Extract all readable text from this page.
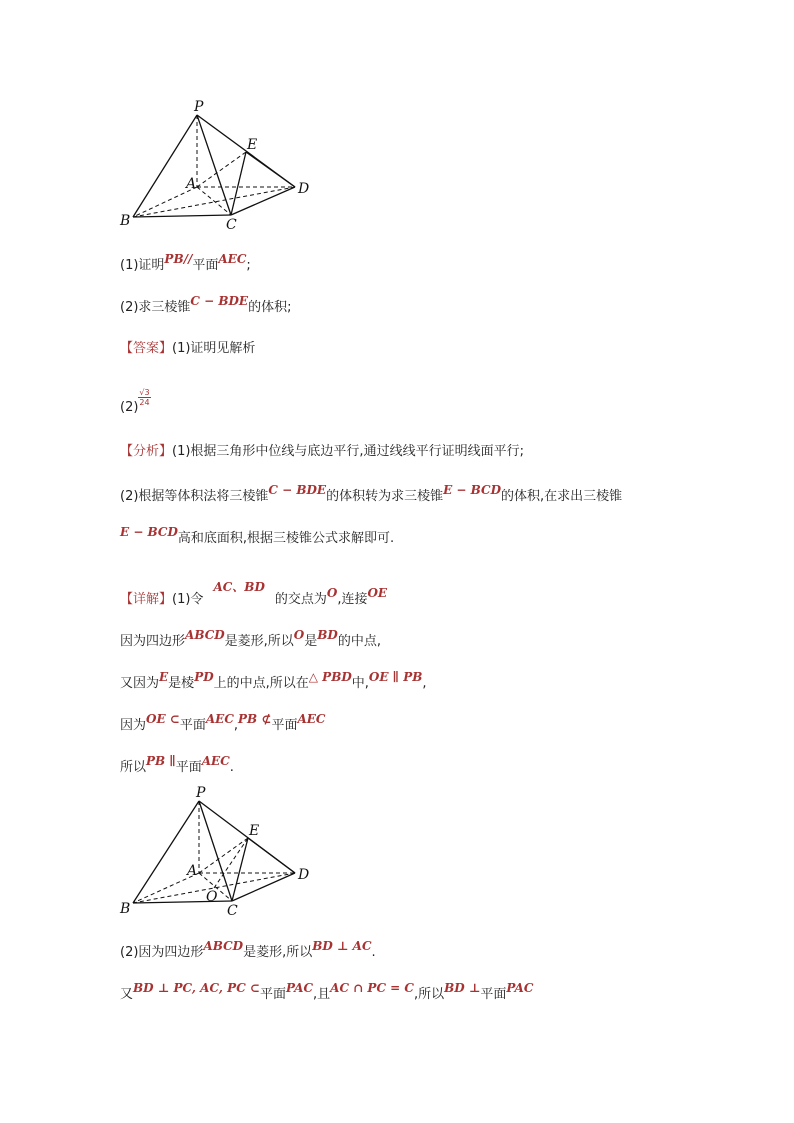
P
E
A	D
B	C
(1)证明PB//平面AEC;
(2)求三棱锥C − BDE的体积;
【答案】(1)证明见解析
(2)
$\frac{√3}{24}$
【分析】(1)根据三角形中位线与底边平行,通过线线平行证明线面平行;
(2)根据等体积法将三棱锥C − BDE的体积转为求三棱锥E − BCD的体积,在求出三棱锥
E − BCD高和底面积,根据三棱锥公式求解即可.
【详解】(1)令AC、BD的交点为O,连接OE
因为四边形ABCD是菱形,所以O是BD的中点,
又因为E是棱PD上的中点,所以在△ PBD中,OE ∥ PB,
因为OE ⊂平面AEC,PB ⊄平面AEC
所以PB ∥平面AEC.
P
E
A	D
B
O
C
(2)因为四边形ABCD是菱形,所以BD ⊥ AC.
又BD ⊥ PC, AC, PC ⊂平面PAC,且AC ∩ PC = C,所以BD ⊥平面PAC
